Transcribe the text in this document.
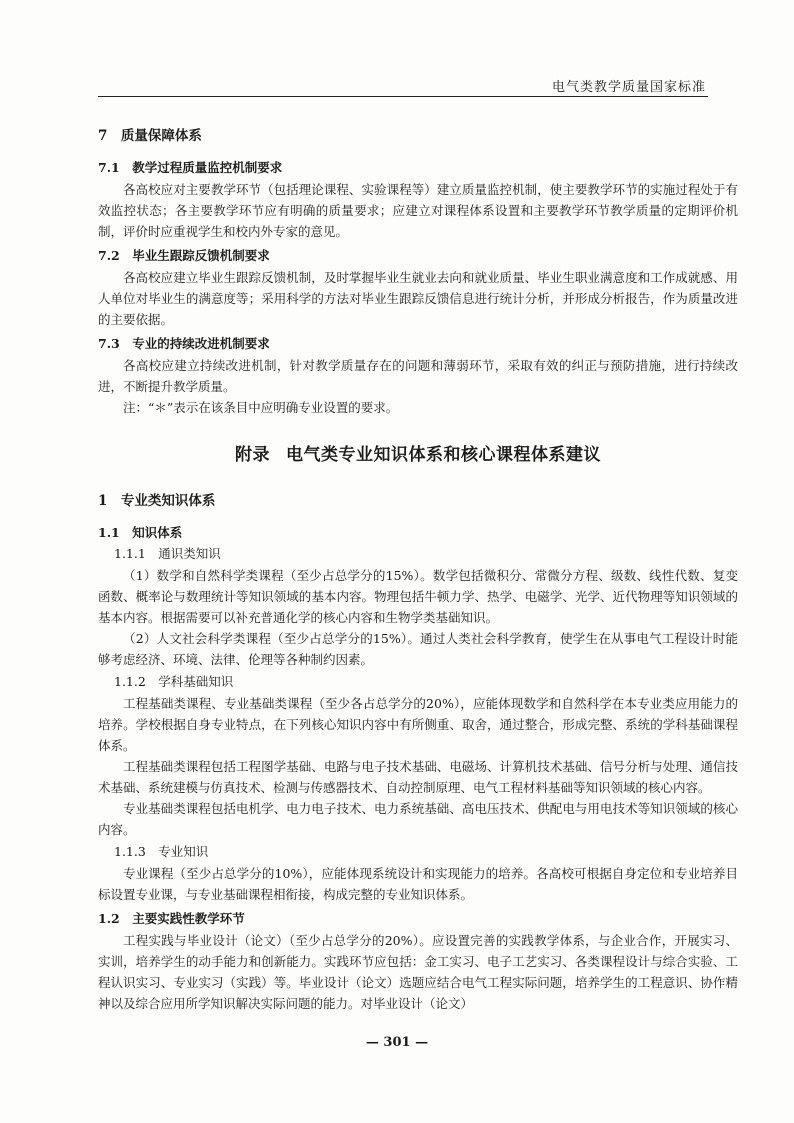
电气类教学质量国家标准
7　质量保障体系
7.1　教学过程质量监控机制要求

各高校应对主要教学环节（包括理论课程、实验课程等）建立质量监控机制，使主要教学环节的实施过程处于有效监控状态；各主要教学环节应有明确的质量要求；应建立对课程体系设置和主要教学环节教学质量的定期评价机制，评价时应重视学生和校内外专家的意见。

7.2　毕业生跟踪反馈机制要求

各高校应建立毕业生跟踪反馈机制，及时掌握毕业生就业去向和就业质量、毕业生职业满意度和工作成就感、用人单位对毕业生的满意度等；采用科学的方法对毕业生跟踪反馈信息进行统计分析，并形成分析报告，作为质量改进的主要依据。

7.3　专业的持续改进机制要求

各高校应建立持续改进机制，针对教学质量存在的问题和薄弱环节，采取有效的纠正与预防措施，进行持续改进，不断提升教学质量。

注：“＊”表示在该条目中应明确专业设置的要求。

附录 电气类专业知识体系和核心课程体系建议
1　专业类知识体系
1.1　知识体系
1.1.1　通识类知识

（1）数学和自然科学类课程（至少占总学分的15%）。数学包括微积分、常微分方程、级数、线性代数、复变函数、概率论与数理统计等知识领域的基本内容。物理包括牛顿力学、热学、电磁学、光学、近代物理等知识领域的基本内容。根据需要可以补充普通化学的核心内容和生物学类基础知识。

（2）人文社会科学类课程（至少占总学分的15%）。通过人类社会科学教育，使学生在从事电气工程设计时能够考虑经济、环境、法律、伦理等各种制约因素。

1.1.2　学科基础知识

工程基础类课程、专业基础类课程（至少各占总学分的20%），应能体现数学和自然科学在本专业类应用能力的培养。学校根据自身专业特点，在下列核心知识内容中有所侧重、取舍，通过整合，形成完整、系统的学科基础课程体系。

工程基础类课程包括工程图学基础、电路与电子技术基础、电磁场、计算机技术基础、信号分析与处理、通信技术基础、系统建模与仿真技术、检测与传感器技术、自动控制原理、电气工程材料基础等知识领域的核心内容。

专业基础类课程包括电机学、电力电子技术、电力系统基础、高电压技术、供配电与用电技术等知识领域的核心内容。

1.1.3　专业知识

专业课程（至少占总学分的10%），应能体现系统设计和实现能力的培养。各高校可根据自身定位和专业培养目标设置专业课，与专业基础课程相衔接，构成完整的专业知识体系。

1.2　主要实践性教学环节

工程实践与毕业设计（论文）（至少占总学分的20%）。应设置完善的实践教学体系，与企业合作，开展实习、实训，培养学生的动手能力和创新能力。实践环节应包括：金工实习、电子工艺实习、各类课程设计与综合实验、工程认识实习、专业实习（实践）等。毕业设计（论文）选题应结合电气工程实际问题，培养学生的工程意识、协作精神以及综合应用所学知识解决实际问题的能力。对毕业设计（论文）

— 301 —
